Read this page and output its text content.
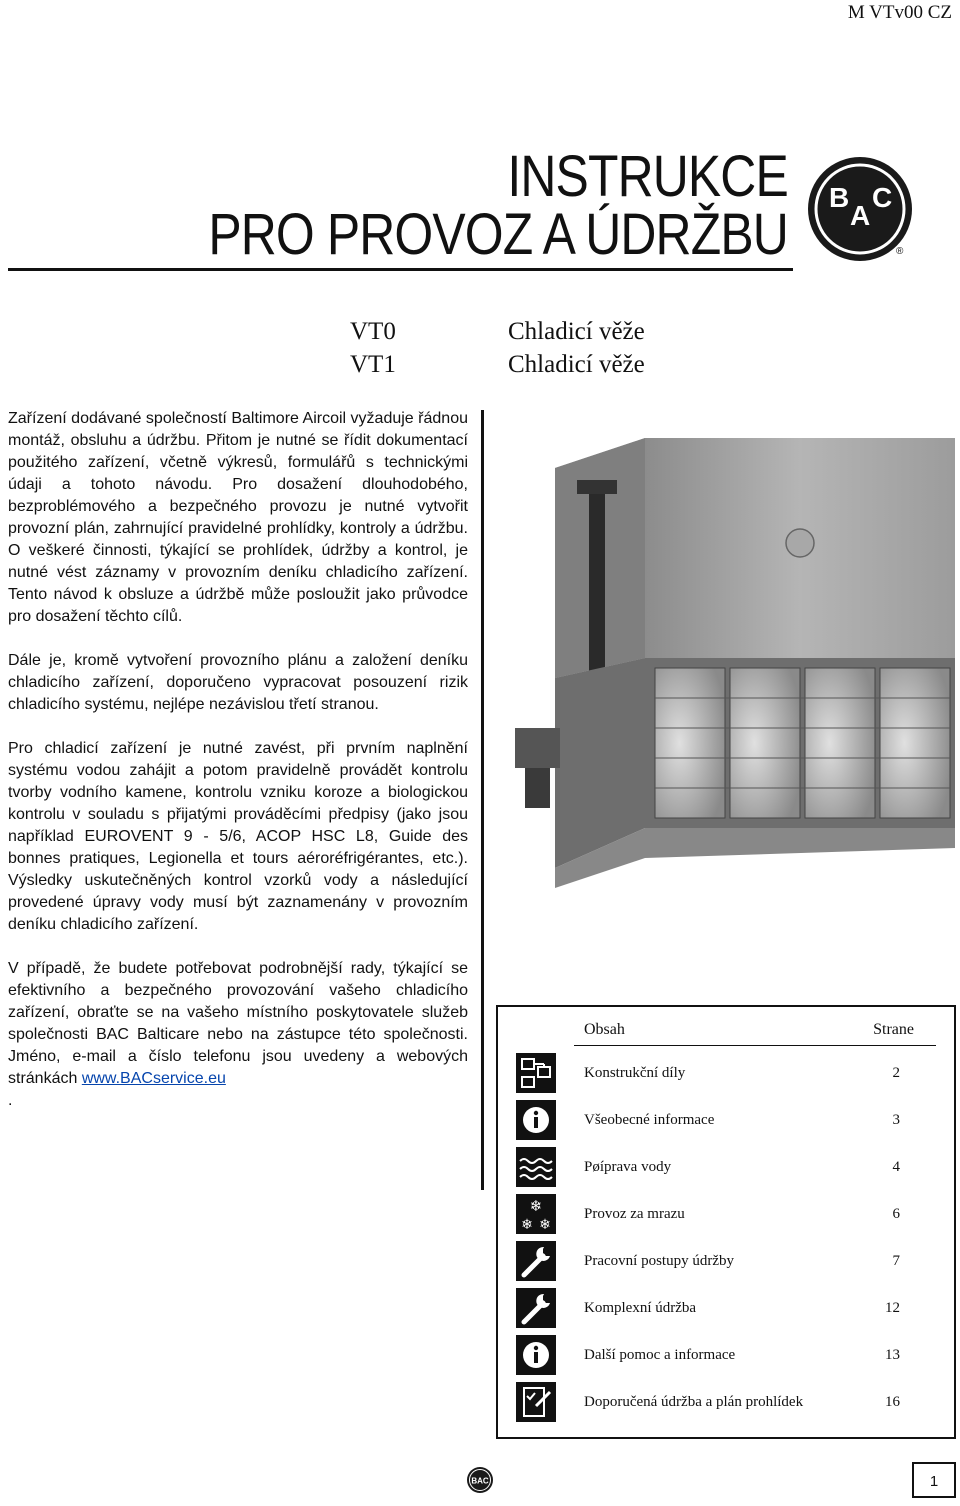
M VTv00 CZ
INSTRUKCE
PRO PROVOZ A ÚDRŽBU
B
A
C
®
VT0	Chladicí věže
VT1	Chladicí věže

Zařízení dodávané společností Baltimore Aircoil vyžaduje řádnou montáž, obsluhu a údržbu. Přitom je nutné se řídit dokumentací použitého zařízení, včetně výkresů, formulářů s technickými údaji a tohoto návodu. Pro dosažení dlouhodobého, bezproblémového a bezpečného provozu je nutné vytvořit provozní plán, zahrnující pravidelné prohlídky, kontroly a údržbu. O veškeré činnosti, týkající se prohlídek, údržby a kontrol, je nutné vést záznamy v provozním deníku chladicího zařízení. Tento návod k obsluze a údržbě může posloužit jako průvodce pro dosažení těchto cílů.

Dále je, kromě vytvoření provozního plánu a založení deníku chladicího zařízení, doporučeno vypracovat posouzení rizik chladicího systému, nejlépe nezávislou třetí stranou.

Pro chladicí zařízení je nutné zavést, při prvním naplnění systému vodou zahájit a potom pravidelně provádět kontrolu tvorby vodního kamene, kontrolu vzniku koroze a biologickou kontrolu v souladu s přijatými prováděcími předpisy (jako jsou například EUROVENT 9 - 5/6, ACOP HSC L8, Guide des bonnes pratiques, Legionella et tours aéroréfrigérantes, etc.). Výsledky uskutečněných kontrol vzorků vody a následující provedené úpravy vody musí být zaznamenány v provozním deníku chladicího zařízení.

V případě, že budete potřebovat podrobnější rady, týkající se efektivního a bezpečného provozování vašeho chladicího zařízení, obraťte se na vašeho místního poskytovatele služeb společnosti BAC Balticare nebo na zástupce této společnosti. Jméno, e-mail a číslo telefonu jsou uvedeny a webových stránkách www.BACservice.eu
.

Obsah	Strane
Konstrukční díly	2
Všeobecné informace	3
Pøíprava vody	4
❄
❄ ❄
Provoz za mrazu	6
Pracovní postupy údržby	7
Komplexní údržba	12
Další pomoc a informace	13
Doporučená údržba a plán prohlídek	16
BAC	1
